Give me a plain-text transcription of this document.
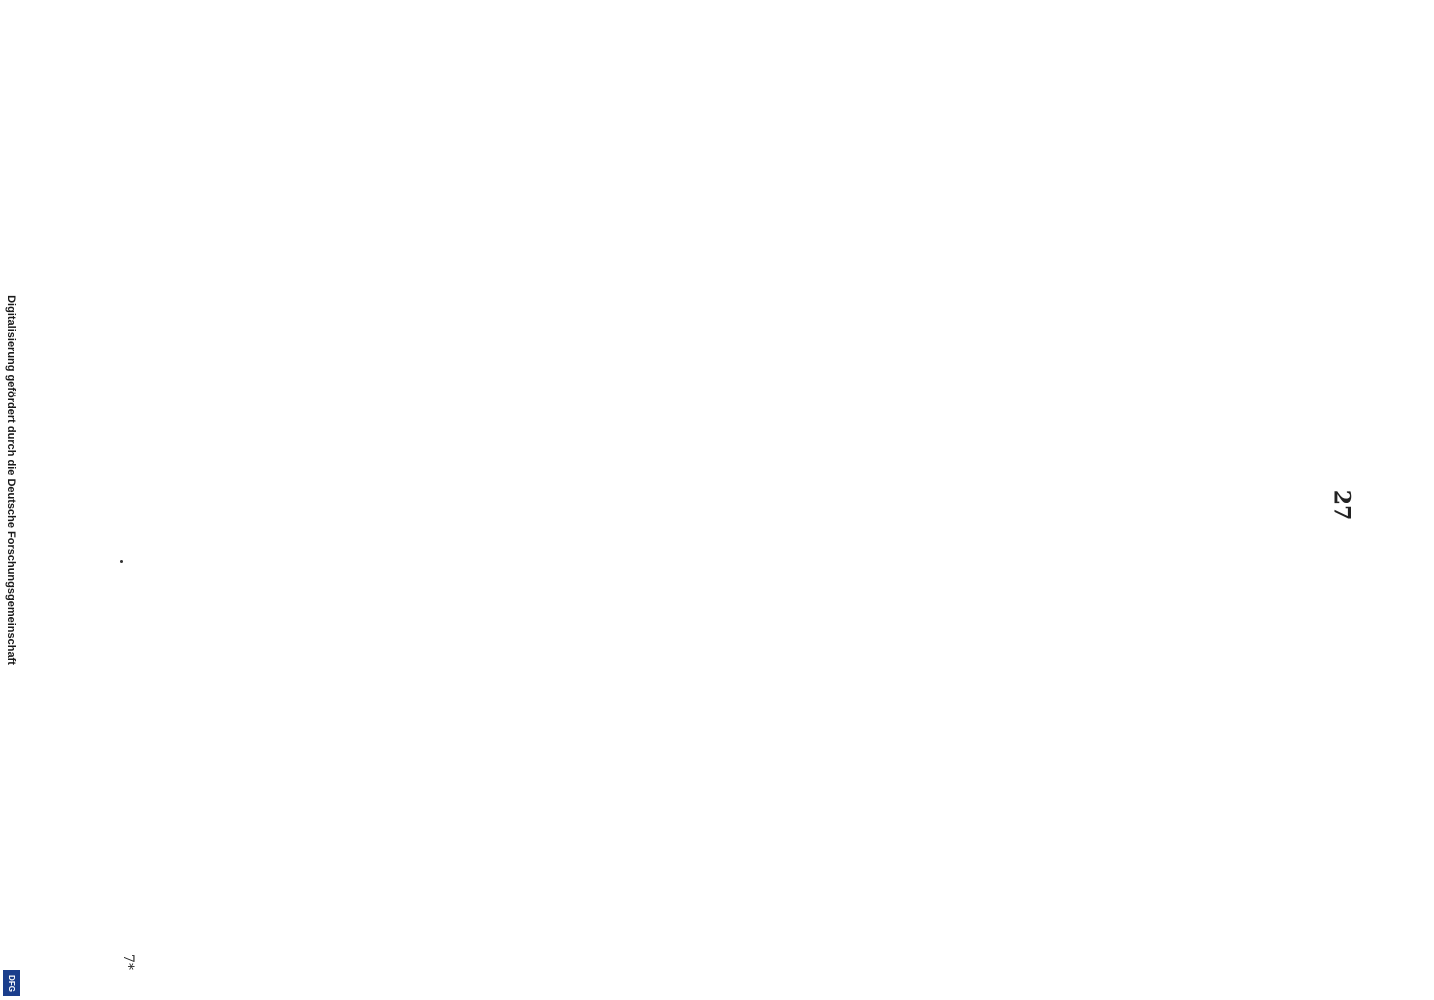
Digitalisierung gefördert durch die Deutsche Forschungsgemeinschaft
DFG
27

7*
